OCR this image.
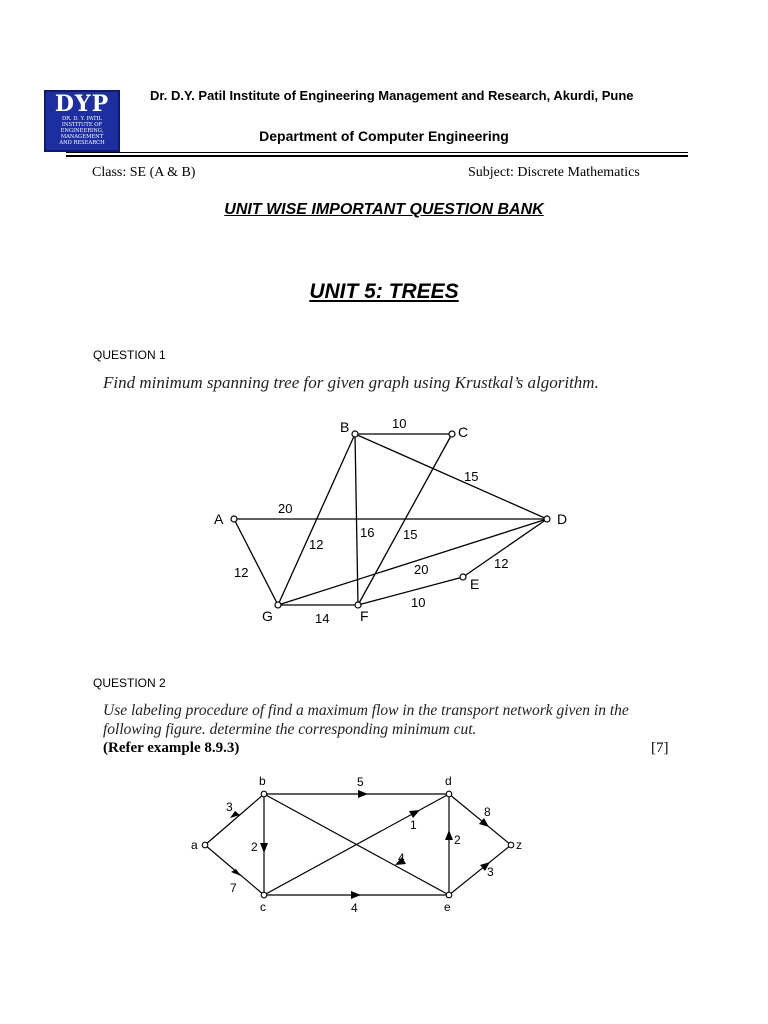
DYP
DR. D. Y. PATIL
INSTITUTE OF
ENGINEERING,
MANAGEMENT
AND RESEARCH
Dr. D.Y. Patil Institute of Engineering Management and Research, Akurdi, Pune
Department of Computer Engineering
Class: SE (A & B)	Subject: Discrete Mathematics
UNIT WISE IMPORTANT QUESTION BANK
UNIT 5: TREES
QUESTION 1
Find minimum spanning tree for given graph using Krustkal’s algorithm.
A
B	C
D
E
F
G
10
15
20
16 15
12
12	20	12
10
14
QUESTION 2
Use labeling procedure of find a maximum flow in the transport network given in the
following figure. determine the corresponding minimum cut.
(Refer example 8.9.3)	[7]
a
b
c
d
e
z
3
7
5
2
1
4
2
8
3
4
